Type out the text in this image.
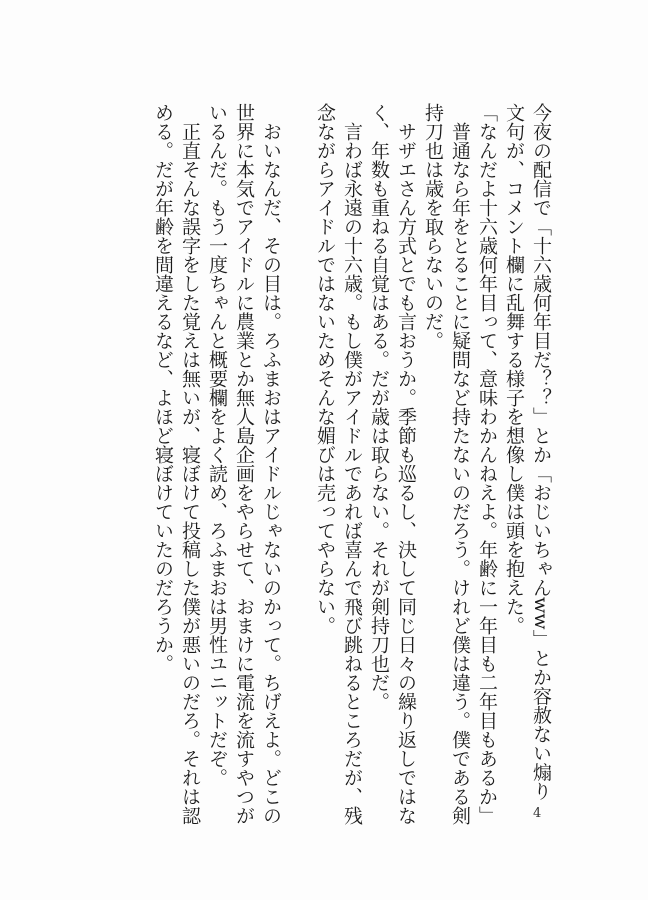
今夜の配信で「十六歳何年目だ？？」とか「おじいちゃんww」とか容赦ない煽り
文句が、コメント欄に乱舞する様子を想像し僕は頭を抱えた。
「なんだよ十六歳何年目って、意味わかんねえよ。年齢に一年目も二年目もあるか」
　普通なら年をとることに疑問など持たないのだろう。けれど僕は違う。僕である剣
持刀也は歳を取らないのだ。
　サザエさん方式とでも言おうか。季節も巡るし、決して同じ日々の繰り返しではな
く、年数も重ねる自覚はある。だが歳は取らない。それが剣持刀也だ。
　言わば永遠の十六歳。もし僕がアイドルであれば喜んで飛び跳ねるところだが、残
念ながらアイドルではないためそんな媚びは売ってやらない。
　おいなんだ、その目は。ろふまおはアイドルじゃないのかって。ちげえよ。どこの
世界に本気でアイドルに農業とか無人島企画をやらせて、おまけに電流を流すやつが
いるんだ。もう一度ちゃんと概要欄をよく読め、ろふまおは男性ユニットだぞ。
　正直そんな誤字をした覚えは無いが、寝ぼけて投稿した僕が悪いのだろ。それは認
める。だが年齢を間違えるなど、よほど寝ぼけていたのだろうか。
4
